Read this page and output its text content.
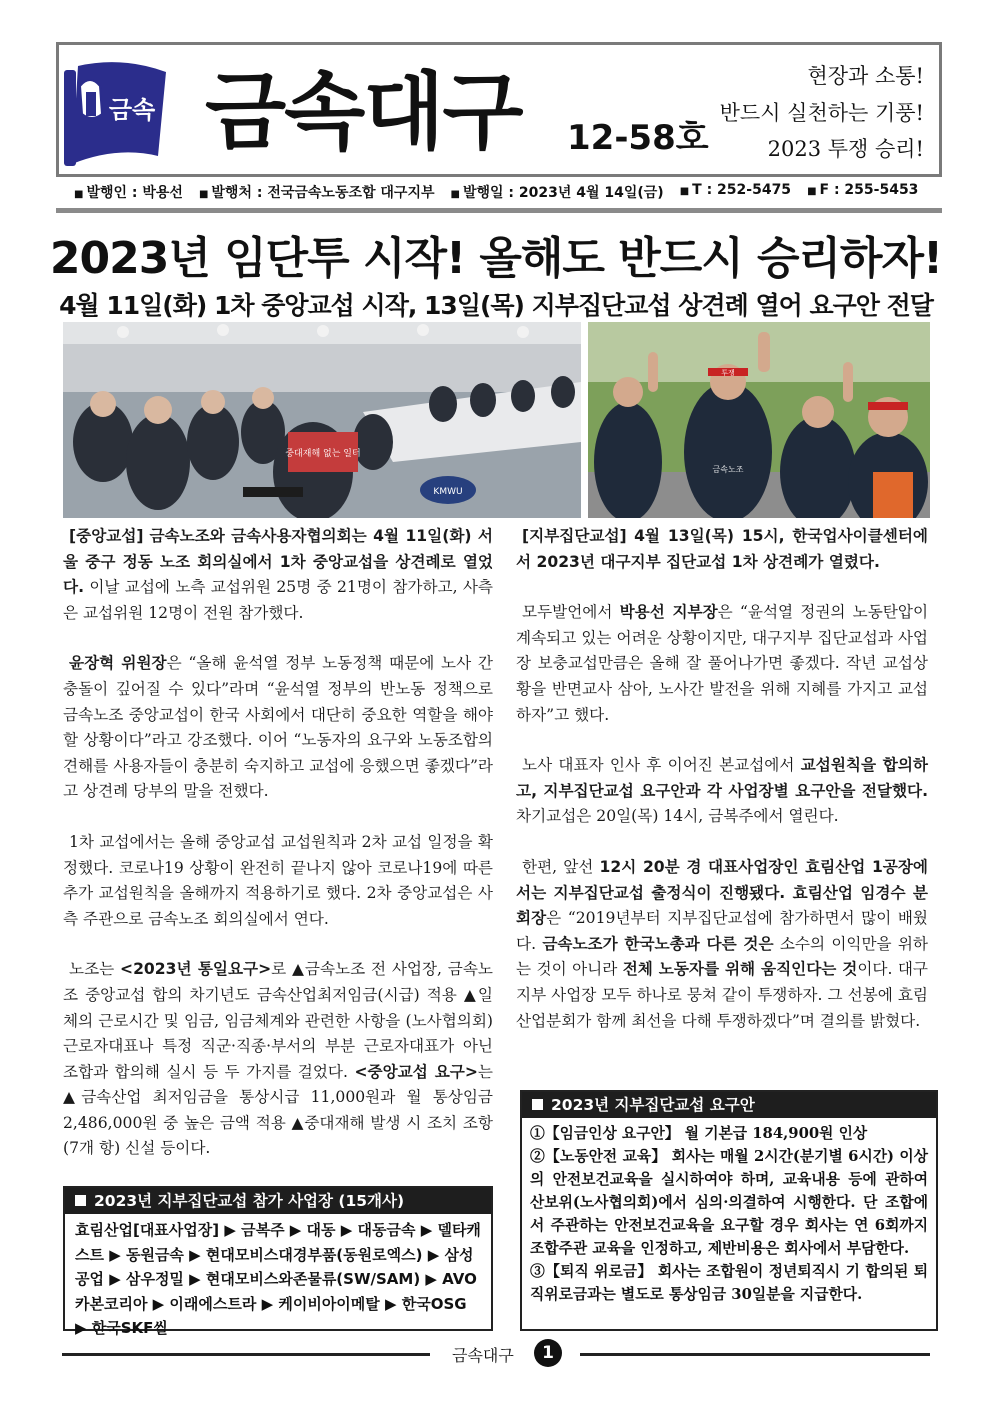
금속 금속대구	12-58호
현장과 소통!
반드시 실천하는 기풍!
2023 투쟁 승리!
■ 발행인 : 박용선 ■ 발행처 : 전국금속노동조합 대구지부 ■ 발행일 : 2023년 4월 14일(금) ■ T : 252-5475 ■ F : 255-5453
2023년 임단투 시작! 올해도 반드시 승리하자!
4월 11일(화) 1차 중앙교섭 시작, 13일(목) 지부집단교섭 상견례 열어 요구안 전달
중대재해 없는 일터
KMWU
투쟁
금속노조

[중앙교섭] 금속노조와 금속사용자협의회는 4월 11일(화) 서울 중구 정동 노조 회의실에서 1차 중앙교섭을 상견례로 열었다. 이날 교섭에 노측 교섭위원 25명 중 21명이 참가하고, 사측은 교섭위원 12명이 전원 참가했다.

윤장혁 위원장은 “올해 윤석열 정부 노동정책 때문에 노사 간 충돌이 깊어질 수 있다”라며 “윤석열 정부의 반노동 정책으로 금속노조 중앙교섭이 한국 사회에서 대단히 중요한 역할을 해야 할 상황이다”라고 강조했다. 이어 “노동자의 요구와 노동조합의 견해를 사용자들이 충분히 숙지하고 교섭에 응했으면 좋겠다”라고 상견례 당부의 말을 전했다.

1차 교섭에서는 올해 중앙교섭 교섭원칙과 2차 교섭 일정을 확정했다. 코로나19 상황이 완전히 끝나지 않아 코로나19에 따른 추가 교섭원칙을 올해까지 적용하기로 했다. 2차 중앙교섭은 사측 주관으로 금속노조 회의실에서 연다.

노조는 <2023년 통일요구>로 ▲금속노조 전 사업장, 금속노조 중앙교섭 합의 차기년도 금속산업최저임금(시급) 적용 ▲일체의 근로시간 및 임금, 임금체계와 관련한 사항을 (노사협의회) 근로자대표나 특정 직군·직종·부서의 부분 근로자대표가 아닌 조합과 합의해 실시 등 두 가지를 걸었다. <중앙교섭 요구>는 ▲금속산업 최저임금을 통상시급 11,000원과 월 통상임금 2,486,000원 중 높은 금액 적용 ▲중대재해 발생 시 조치 조항(7개 항) 신설 등이다.

[지부집단교섭] 4월 13일(목) 15시, 한국업사이클센터에서 2023년 대구지부 집단교섭 1차 상견례가 열렸다.

모두발언에서 박용선 지부장은 “윤석열 정권의 노동탄압이 계속되고 있는 어려운 상황이지만, 대구지부 집단교섭과 사업장 보충교섭만큼은 올해 잘 풀어나가면 좋겠다. 작년 교섭상황을 반면교사 삼아, 노사간 발전을 위해 지혜를 가지고 교섭하자”고 했다.

노사 대표자 인사 후 이어진 본교섭에서 교섭원칙을 합의하고, 지부집단교섭 요구안과 각 사업장별 요구안을 전달했다. 차기교섭은 20일(목) 14시, 금복주에서 열린다.

한편, 앞선 12시 20분 경 대표사업장인 효림산업 1공장에서는 지부집단교섭 출정식이 진행됐다. 효림산업 임경수 분회장은 “2019년부터 지부집단교섭에 참가하면서 많이 배웠다. 금속노조가 한국노총과 다른 것은 소수의 이익만을 위하는 것이 아니라 전체 노동자를 위해 움직인다는 것이다. 대구지부 사업장 모두 하나로 뭉쳐 같이 투쟁하자. 그 선봉에 효림산업분회가 함께 최선을 다해 투쟁하겠다”며 결의를 밝혔다.

2023년 지부집단교섭 참가 사업장 (15개사)
효림산업[대표사업장] ▶ 금복주 ▶ 대동 ▶ 대동금속 ▶ 델타캐스트 ▶ 동원금속 ▶ 현대모비스대경부품(동원로엑스) ▶ 삼성공업 ▶ 삼우정밀 ▶ 현대모비스와존물류(SW/SAM) ▶ AVO카본코리아 ▶ 이래에스트라 ▶ 케이비아이메탈 ▶ 한국OSG ▶ 한국SKF씰
2023년 지부집단교섭 요구안
①【임금인상 요구안】 월 기본급 184,900원 인상
②【노동안전 교육】 회사는 매월 2시간(분기별 6시간) 이상의 안전보건교육을 실시하여야 하며, 교육내용 등에 관하여 산보위(노사협의회)에서 심의·의결하여 시행한다. 단 조합에서 주관하는 안전보건교육을 요구할 경우 회사는 연 6회까지 조합주관 교육을 인정하고, 제반비용은 회사에서 부담한다.
③【퇴직 위로금】 회사는 조합원이 정년퇴직시 기 합의된 퇴직위로금과는 별도로 통상임금 30일분을 지급한다.
금속대구	1
